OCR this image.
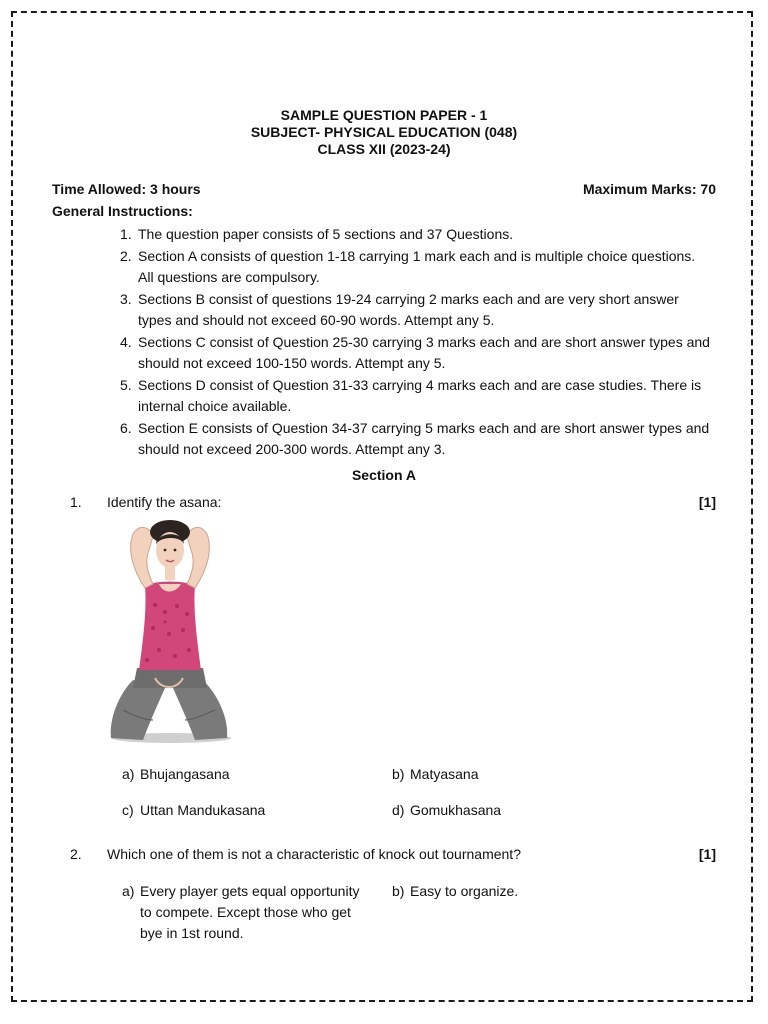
SAMPLE QUESTION PAPER - 1
SUBJECT- PHYSICAL EDUCATION (048)
CLASS XII (2023-24)
Time Allowed: 3 hours
General Instructions:
Maximum Marks: 70
1. The question paper consists of 5 sections and 37 Questions.
2. Section A consists of question 1-18 carrying 1 mark each and is multiple choice questions. All questions are compulsory.
3. Sections B consist of questions 19-24 carrying 2 marks each and are very short answer types and should not exceed 60-90 words. Attempt any 5.
4. Sections C consist of Question 25-30 carrying 3 marks each and are short answer types and should not exceed 100-150 words. Attempt any 5.
5. Sections D consist of Question 31-33 carrying 4 marks each and are case studies. There is internal choice available.
6. Section E consists of Question 34-37 carrying 5 marks each and are short answer types and should not exceed 200-300 words. Attempt any 3.
Section A
1. Identify the asana:	[1]
a) Bhujangasana	b) Matyasana
c) Uttan Mandukasana	d) Gomukhasana
2. Which one of them is not a characteristic of knock out tournament?	[1]
a) Every player gets equal opportunity to compete. Except those who get bye in 1st round.
b) Easy to organize.
